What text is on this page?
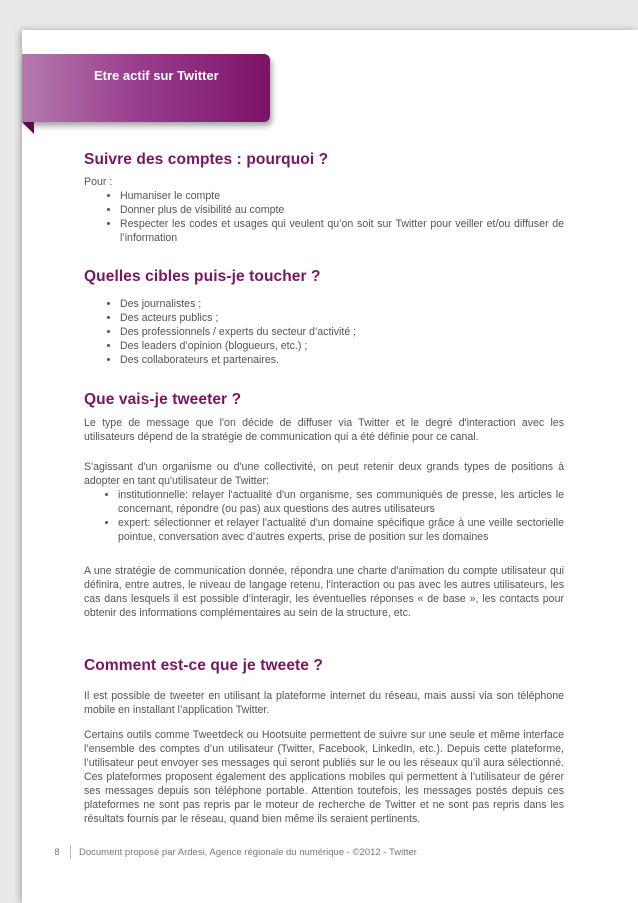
Etre actif sur Twitter
Suivre des comptes : pourquoi ?

Pour :

• Humaniser le compte
• Donner plus de visibilité au compte
• Respecter les codes et usages qui veulent qu’on soit sur Twitter pour veiller et/ou diffuser de l’information
Quelles cibles puis-je toucher ?
• Des journalistes ;
• Des acteurs publics ;
• Des professionnels / experts du secteur d’activité ;
• Des leaders d’opinion (blogueurs, etc.) ;
• Des collaborateurs et partenaires.
Que vais-je tweeter ?
Le type de message que l'on décide de diffuser via Twitter et le degré d'interaction avec les utilisateurs dépend de la stratégie de communication qui a été définie pour ce canal.

S'agissant d'un organisme ou d'une collectivité, on peut retenir deux grands types de positions à adopter en tant qu'utilisateur de Twitter:

• institutionnelle: relayer l'actualité d'un organisme, ses communiqués de presse, les articles le concernant, répondre (ou pas) aux questions des autres utilisateurs
• expert: sélectionner et relayer l'actualité d'un domaine spécifique grâce à une veille sectorielle pointue, conversation avec d’autres experts, prise de position sur les domaines
A une stratégie de communication donnée, répondra une charte d'animation du compte utilisateur qui définira, entre autres, le niveau de langage retenu, l'interaction ou pas avec les autres utilisateurs, les cas dans lesquels il est possible d’interagir, les éventuelles réponses « de base », les contacts pour obtenir des informations complémentaires au sein de la structure, etc.
Comment est-ce que je tweete ?
Il est possible de tweeter en utilisant la plateforme internet du réseau, mais aussi via son téléphone mobile en installant l’application Twitter.
Certains outils comme Tweetdeck ou Hootsuite permettent de suivre sur une seule et même interface l’ensemble des comptes d’un utilisateur (Twitter, Facebook, LinkedIn, etc.). Depuis cette plateforme, l’utilisateur peut envoyer ses messages qui seront publiés sur le ou les réseaux qu’il aura sélectionné. Ces plateformes proposent également des applications mobiles qui permettent à l’utilisateur de gérer ses messages depuis son téléphone portable. Attention toutefois, les messages postés depuis ces plateformes ne sont pas repris par le moteur de recherche de Twitter et ne sont pas repris dans les résultats fournis par le réseau, quand bien même ils seraient pertinents.
8	Document proposé par Ardesi, Agence régionale du numérique - ©2012 - Twitter
